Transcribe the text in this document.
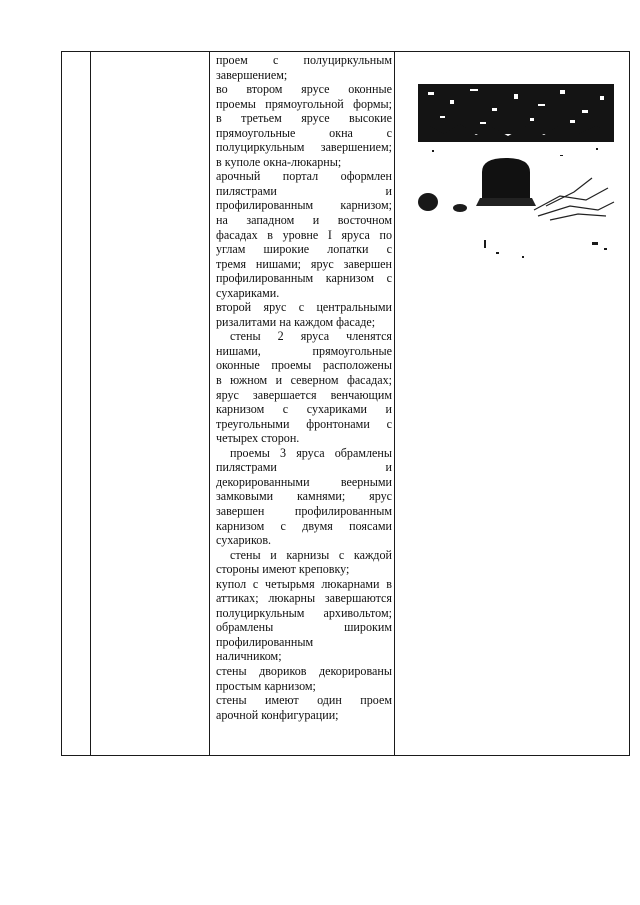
проем с полуциркульным
завершением;
во втором ярусе оконные
проемы прямоугольной формы;
в третьем ярусе высокие
прямоугольные окна с
полуциркульным завершением;
в куполе окна-люкарны;
арочный портал оформлен
пилястрами и
профилированным карнизом;
на западном и восточном
фасадах в уровне I яруса по
углам широкие лопатки с
тремя нишами; ярус завершен
профилированным карнизом с
сухариками.
второй ярус с центральными
ризалитами на каждом фасаде;
стены 2 яруса членятся
нишами, прямоугольные
оконные проемы расположены
в южном и северном фасадах;
ярус завершается венчающим
карнизом с сухариками и
треугольными фронтонами с
четырех сторон.
проемы 3 яруса обрамлены
пилястрами и
декорированными веерными
замковыми камнями; ярус
завершен профилированным
карнизом с двумя поясами
сухариков.
стены и карнизы с каждой
стороны имеют креповку;
купол с четырьмя люкарнами в
аттиках; люкарны завершаются
полуциркульным архивольтом;
обрамлены широким
профилированным
наличником;
стены двориков декорированы
простым карнизом;
стены имеют один проем
арочной конфигурации;
